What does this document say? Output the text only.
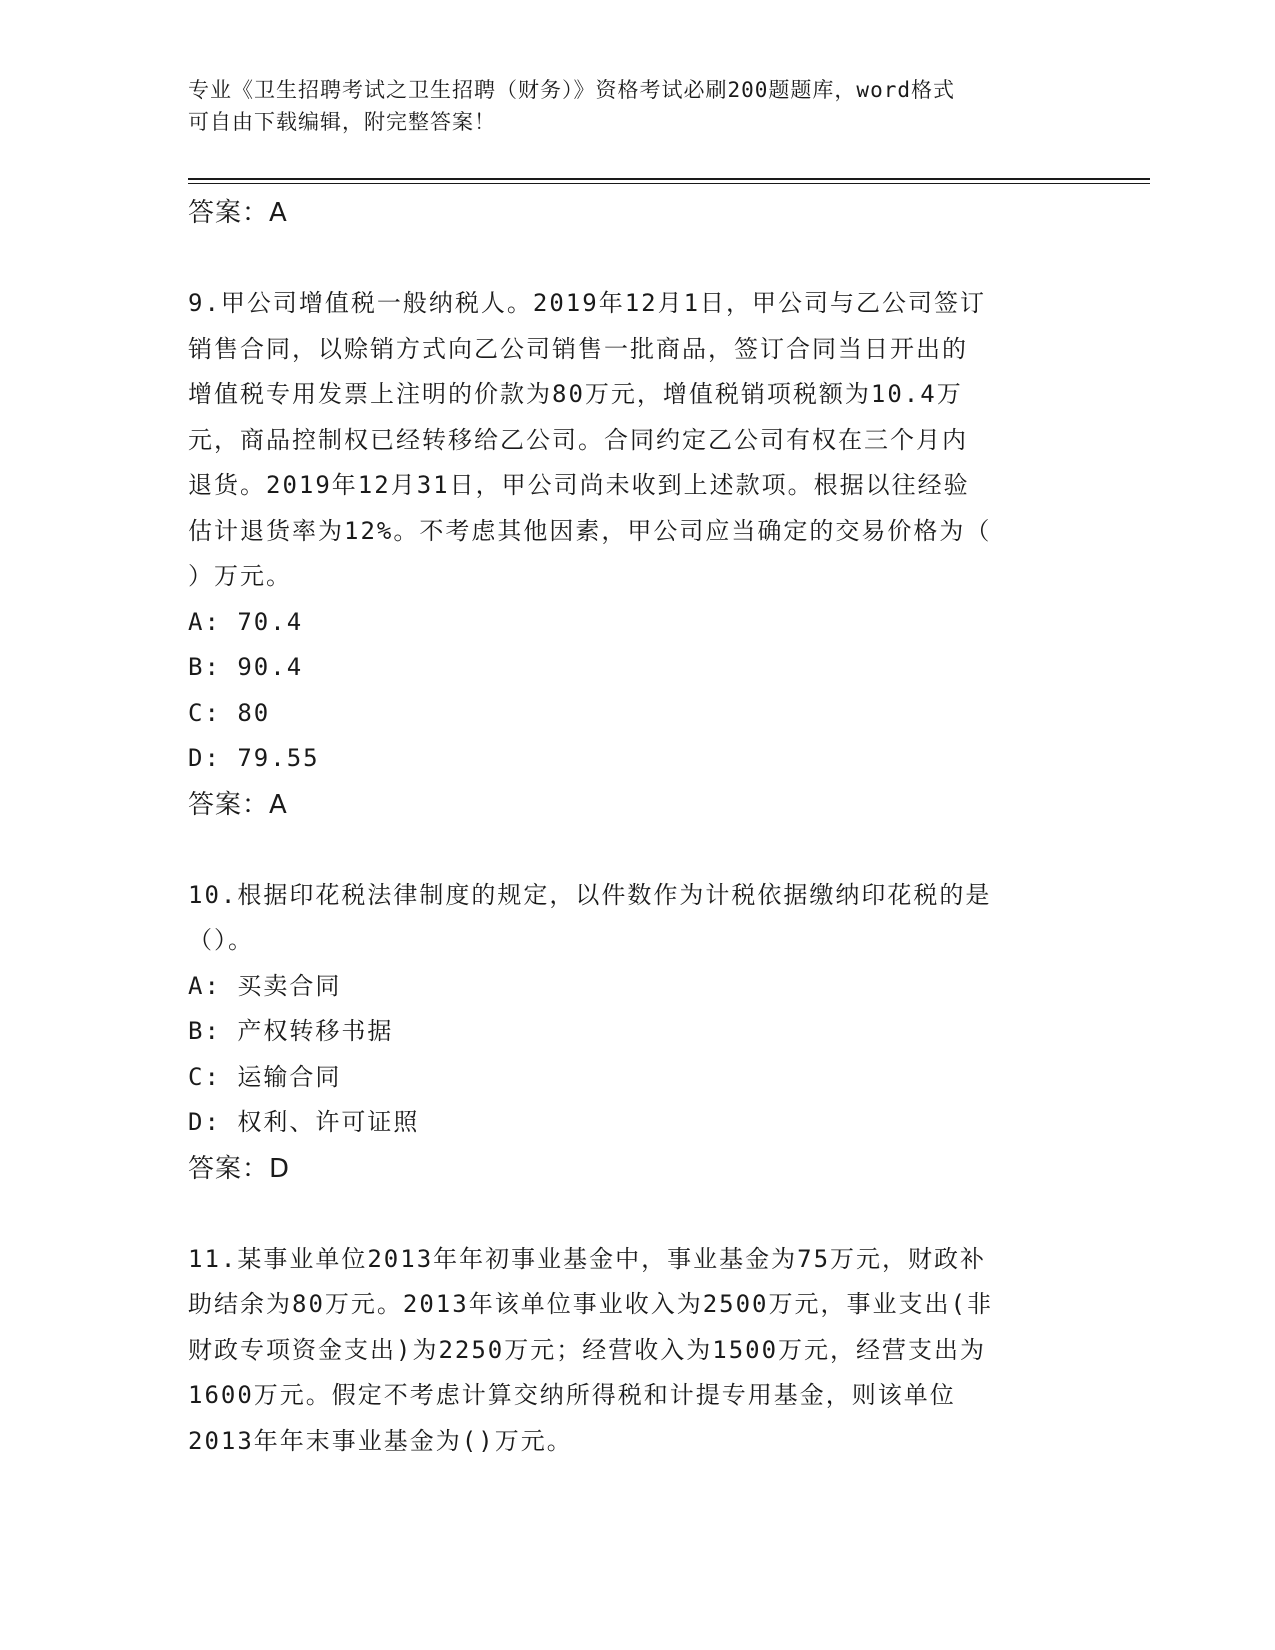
专业《卫生招聘考试之卫生招聘（财务）》资格考试必刷200题题库，word格式
可自由下载编辑，附完整答案！
答案：A
9.甲公司增值税一般纳税人。2019年12月1日，甲公司与乙公司签订
销售合同，以赊销方式向乙公司销售一批商品，签订合同当日开出的
增值税专用发票上注明的价款为80万元，增值税销项税额为10.4万
元，商品控制权已经转移给乙公司。合同约定乙公司有权在三个月内
退货。2019年12月31日，甲公司尚未收到上述款项。根据以往经验
估计退货率为12%。不考虑其他因素，甲公司应当确定的交易价格为（
）万元。
A: 70.4
B: 90.4
C: 80
D: 79.55
答案：A
10.根据印花税法律制度的规定，以件数作为计税依据缴纳印花税的是
（）。
A: 买卖合同
B: 产权转移书据
C: 运输合同
D: 权利、许可证照
答案：D
11.某事业单位2013年年初事业基金中，事业基金为75万元，财政补
助结余为80万元。2013年该单位事业收入为2500万元，事业支出(非
财政专项资金支出)为2250万元；经营收入为1500万元，经营支出为
1600万元。假定不考虑计算交纳所得税和计提专用基金，则该单位
2013年年末事业基金为()万元。
